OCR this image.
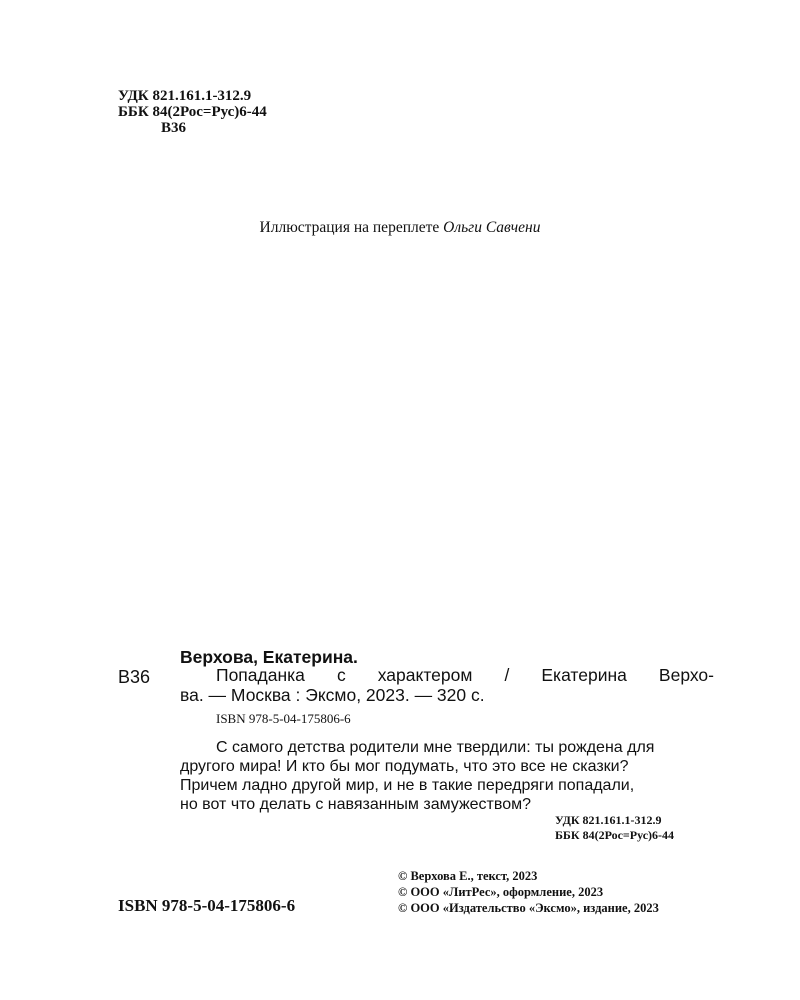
УДК 821.161.1-312.9
ББК 84(2Рос=Рус)6-44
В36
Иллюстрация на переплете Ольги Савчени
Верхова, Екатерина.
В36	Попаданка с характером / Екатерина Верхо-
ва. — Москва : Эксмо, 2023. — 320 с.
ISBN 978-5-04-175806-6
С самого детства родители мне твердили: ты рождена для
другого мира! И кто бы мог подумать, что это все не сказки?
Причем ладно другой мир, и не в такие передряги попадали,
но вот что делать с навязанным замужеством?
УДК 821.161.1-312.9
ББК 84(2Рос=Рус)6-44
© Верхова Е., текст, 2023
© ООО «ЛитРес», оформление, 2023
© ООО «Издательство «Эксмо», издание, 2023
ISBN 978-5-04-175806-6
